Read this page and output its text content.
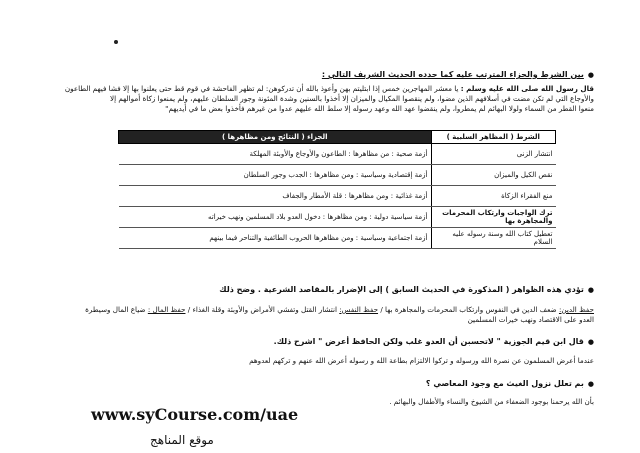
●
بين الشرط والجزاء المترتب عليه كما حدده الحديث الشريف التالي :
قال رسول الله صلى الله عليه وسلم : يا معشر المهاجرين خمس إذا ابتليتم بهن وأعوذ بالله أن تدركوهن: لم تظهر الفاحشة في قوم قط حتى يعلنوا بها إلا فشا فيهم الطاعون
والأوجاع التي لم تكن مضت في أسلافهم الذين مضوا، ولم ينقصوا المكيال والميزان إلا أخذوا بالسنين وشدة المئونة وجور السلطان عليهم، ولم يمنعوا زكاة أموالهم إلا
منعوا القطر من السماء ولولا البهائم لم يمطروا، ولم ينقضوا عهد الله وعهد رسوله إلا سلط الله عليهم عدوا من غيرهم فأخذوا بعض ما في أيديهم"
الشرط ( المظاهر السلبية )	الجزاء ( النتائج ومن مظاهرها )
انتشار الزنى	أزمة صحية : من مظاهرها : الطاعون والأوجاع والأوبئة المهلكة
نقص الكيل والميزان	أزمة إقتصادية وسياسية : ومن مظاهرها : الجدب وجور السلطان
منع الفقراء الزكاة	أزمة غذائية : ومن مظاهرها : قلة الأمطار والجفاف
ترك الواجبات وارتكاب المحرمات والمجاهرة بها	أزمة سياسية دولية : ومن مظاهرها : دخول العدو بلاد المسلمين ونهب خيراته
تعطيل كتاب الله وسنة رسوله عليه السلام	أزمة اجتماعية وسياسية : ومن مظاهرها الحروب الطائفية والتناحر فيما بينهم
●
تؤدي هذه الظواهر ( المذكورة في الحديث السابق ) إلى الإضرار بالمقاصد الشرعية . وضح ذلك
حفظ الدين: ضعف الدين في النفوس وارتكاب المحرمات والمجاهرة بها / حفظ النفس: انتشار القتل وتفشي الأمراض والأوبئة وقلة الغذاء / حفظ المال : ضياع المال وسيطرة
العدو على الاقتصاد ونهب خيرات المسلمين
●
قال ابن قيم الجوزية " لاتحسبن أن العدو غلب ولكن الحافظ أعرض " اشرح ذلك.
عندما أعرض المسلمون عن نصرة الله ورسوله و تركوا الالتزام بطاعة الله و رسوله أعرض الله عنهم و تركهم لعدوهم
●
بم تعلل نزول الغيث مع وجود المعاصي ؟
بأن الله يرحمنا بوجود الضعفاء من الشيوخ والنساء والأطفال والبهائم .
www.syCourse.com/uae
موقع المناهج
